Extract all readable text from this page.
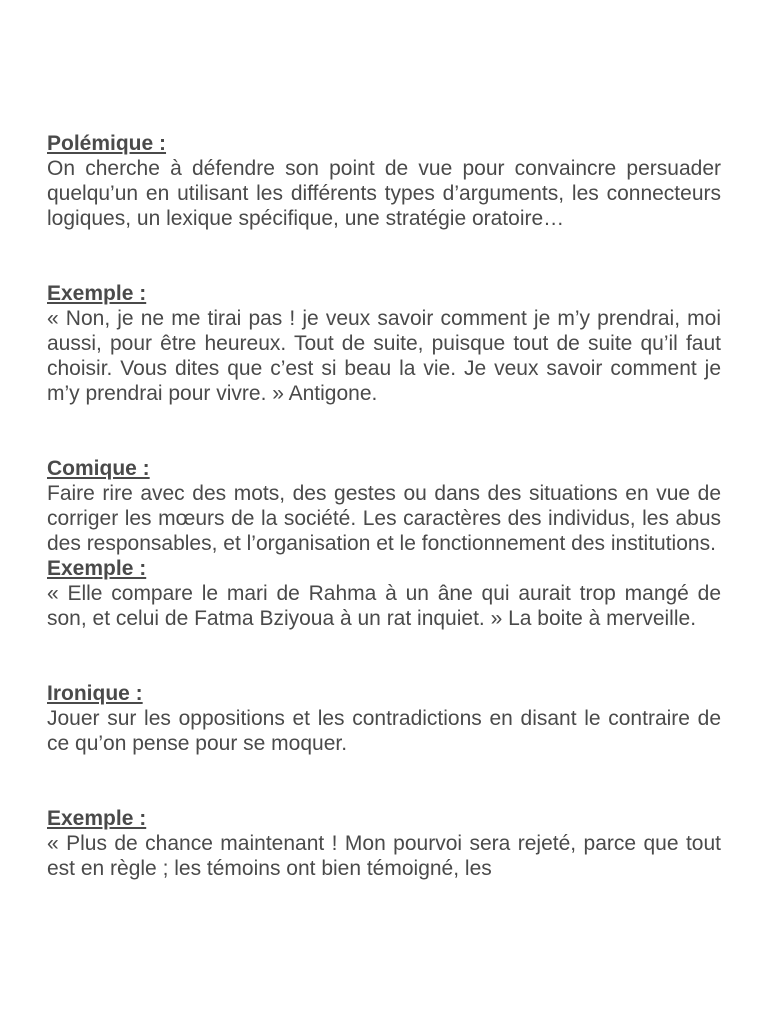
Polémique :

On cherche à défendre son point de vue pour convaincre persuader quelqu’un en utilisant les différents types d’arguments, les connecteurs logiques, un lexique spécifique, une stratégie oratoire…

Exemple :

« Non, je ne me tirai pas ! je veux savoir comment je m’y prendrai, moi aussi, pour être heureux. Tout de suite, puisque tout de suite qu’il faut choisir. Vous dites que c’est si beau la vie. Je veux savoir comment je m’y prendrai pour vivre. » Antigone.

Comique :

Faire rire avec des mots, des gestes ou dans des situations en vue de corriger les mœurs de la société. Les caractères des individus, les abus des responsables, et l’organisation et le fonctionnement des institutions.

Exemple :

« Elle compare le mari de Rahma à un âne qui aurait trop mangé de son, et celui de Fatma Bziyoua à un rat inquiet. » La boite à merveille.

Ironique :

Jouer sur les oppositions et les contradictions en disant le contraire de ce qu’on pense pour se moquer.

Exemple :

« Plus de chance maintenant ! Mon pourvoi sera rejeté, parce que tout est en règle ; les témoins ont bien témoigné, les
